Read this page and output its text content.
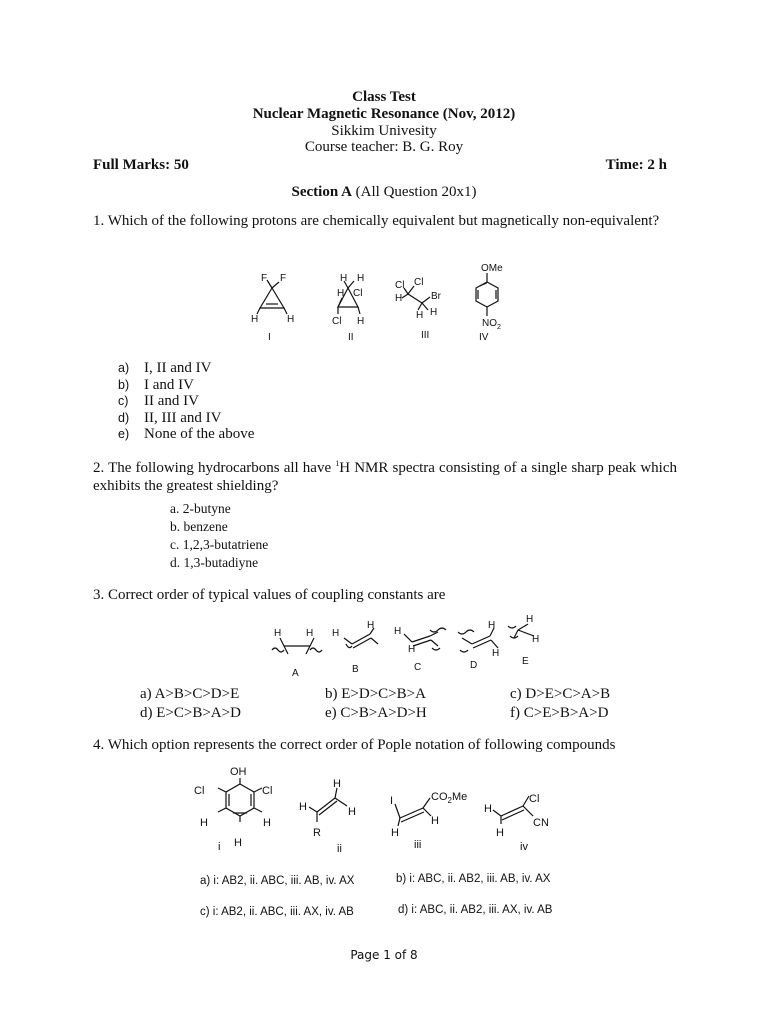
Class Test
Nuclear Magnetic Resonance (Nov, 2012)
Sikkim Univesity
Course teacher: B. G. Roy
Full Marks: 50	Time: 2 h
Section A (All Question 20x1)
1. Which of the following protons are chemically equivalent but magnetically non-equivalent?
F F
H	H
I
H H
H Cl
Cl H
II
Cl Cl
H	Br
H H
III
OMe
NO 2
IV
a) I, II and IV
b) I and IV
c) II and IV
d) II, III and IV
e) None of the above
2. The following hydrocarbons all have $^1$H NMR spectra consisting of a single sharp peak which exhibits the greatest shielding?
a. 2-butyne
b. benzene
c. 1,2,3-butatriene
d. 1,3-butadiyne
3. Correct order of typical values of coupling constants are
H H
A
H
H
B
H
H
C
H
H
D
H
H
E
a) A>B>C>D>E	b) E>D>C>B>A	c) D>E>C>A>B
d) E>C>B>A>D	e) C>B>A>D>H	f) C>E>B>A>D
4. Which option represents the correct order of Pople notation of following compounds
OH
Cl	Cl
H	H
H
i
H
H
H
R
ii
I	$CO_2Me$
H
H
iii
Cl
CN
H
H
iv
a) i: AB2, ii. ABC, iii. AB, iv. AX	b) i: ABC, ii. AB2, iii. AB, iv. AX
c) i: AB2, ii. ABC, iii. AX, iv. AB	d) i: ABC, ii. AB2, iii. AX, iv. AB
Page 1 of 8
